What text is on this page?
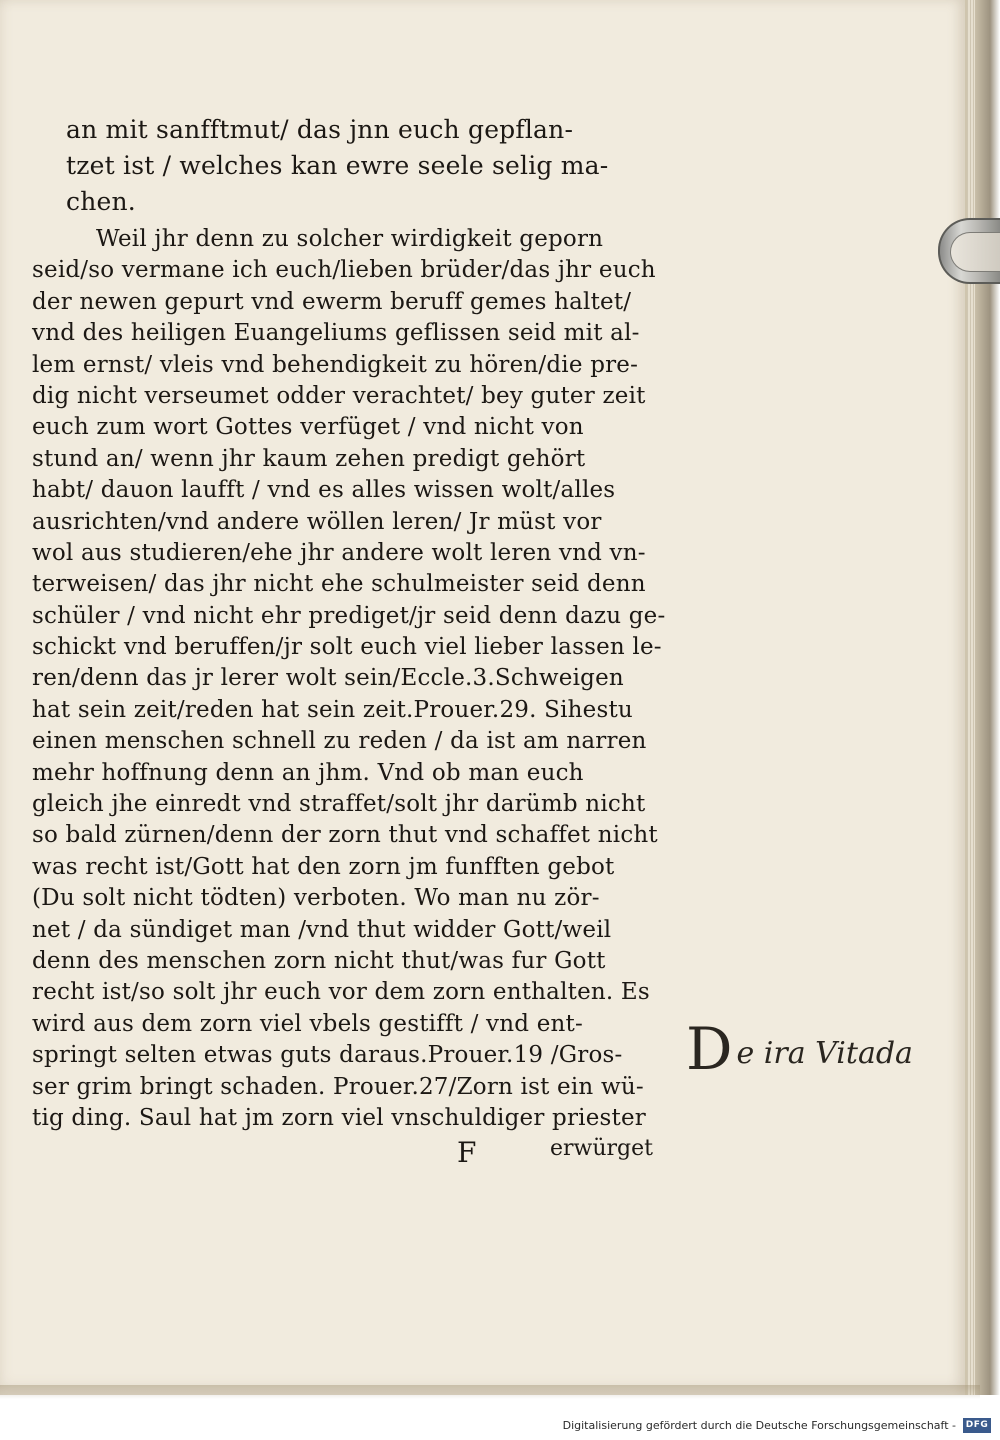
an mit sanfftmut/ das jnn euch gepflan-
tzet ist / welches kan ewre seele selig ma-
chen.
Weil jhr denn zu solcher wirdigkeit geporn
seid/so vermane ich euch/lieben brüder/das jhr euch
der newen gepurt vnd ewerm beruff gemes haltet/
vnd des heiligen Euangeliums geflissen seid mit al-
lem ernst/ vleis vnd behendigkeit zu hören/die pre-
dig nicht verseumet odder verachtet/ bey guter zeit
euch zum wort Gottes verfüget / vnd nicht von
stund an/ wenn jhr kaum zehen predigt gehört
habt/ dauon laufft / vnd es alles wissen wolt/alles
ausrichten/vnd andere wöllen leren/ Jr müst vor
wol aus studieren/ehe jhr andere wolt leren vnd vn-
terweisen/ das jhr nicht ehe schulmeister seid denn
schüler / vnd nicht ehr prediget/jr seid denn dazu ge-
schickt vnd beruffen/jr solt euch viel lieber lassen le-
ren/denn das jr lerer wolt sein/Eccle.3.Schweigen
hat sein zeit/reden hat sein zeit.Prouer.29. Sihestu
einen menschen schnell zu reden / da ist am narren
mehr hoffnung denn an jhm. Vnd ob man euch
gleich jhe einredt vnd straffet/solt jhr darümb nicht
so bald zürnen/denn der zorn thut vnd schaffet nicht
was recht ist/Gott hat den zorn jm funfften gebot
(Du solt nicht tödten) verboten. Wo man nu zör-
net / da sündiget man /vnd thut widder Gott/weil
denn des menschen zorn nicht thut/was fur Gott
recht ist/so solt jhr euch vor dem zorn enthalten. Es
wird aus dem zorn viel vbels gestifft / vnd ent-
springt selten etwas guts daraus.Prouer.19 /Gros-
ser grim bringt schaden. Prouer.27/Zorn ist ein wü-
tig ding. Saul hat jm zorn viel vnschuldiger priester
F	erwürget
De ira Vitada
Digitalisierung gefördert durch die Deutsche Forschungsgemeinschaft -	DFG
